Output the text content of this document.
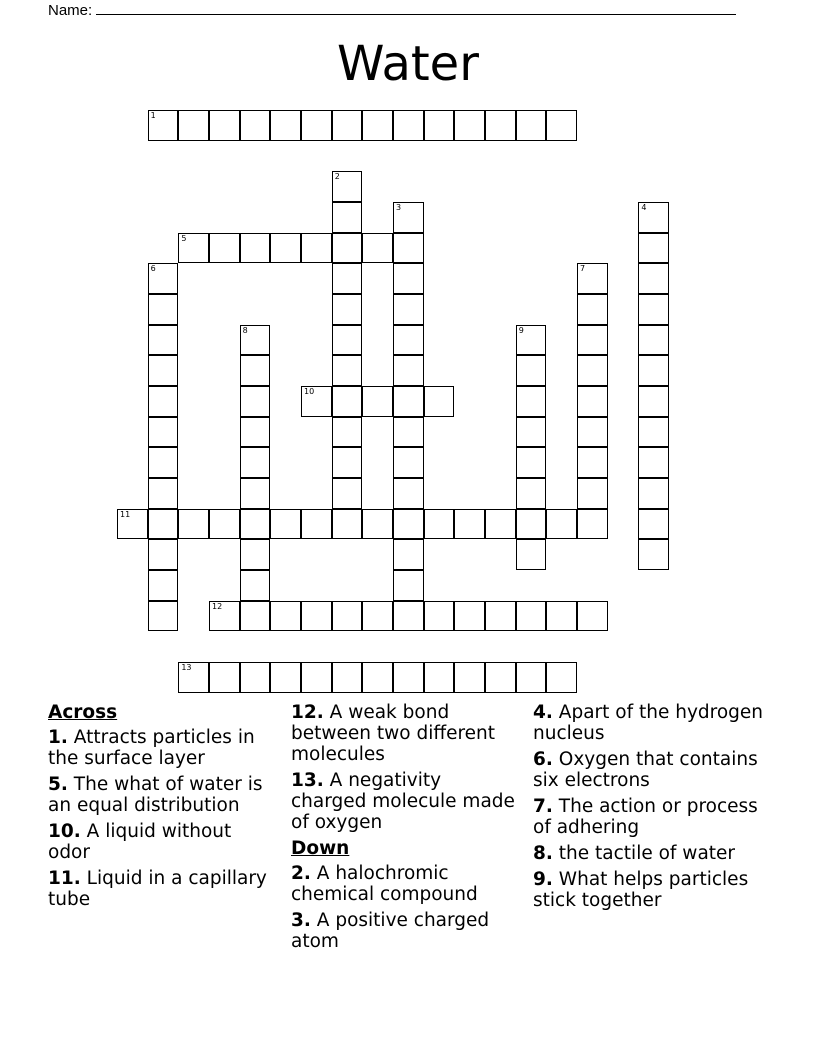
Name:
Water
1
5
10
11
12
13
2
3	4
6	7
8	9
Across
1. Attracts particles in the surface layer
5. The what of water is an equal distribution
10. A liquid without odor
11. Liquid in a capillary tube
12. A weak bond between two different molecules
13. A negativity charged molecule made of oxygen
Down
2. A halochromic chemical compound
3. A positive charged atom
4. Apart of the hydrogen nucleus
6. Oxygen that contains six electrons
7. The action or process of adhering
8. the tactile of water
9. What helps particles stick together
